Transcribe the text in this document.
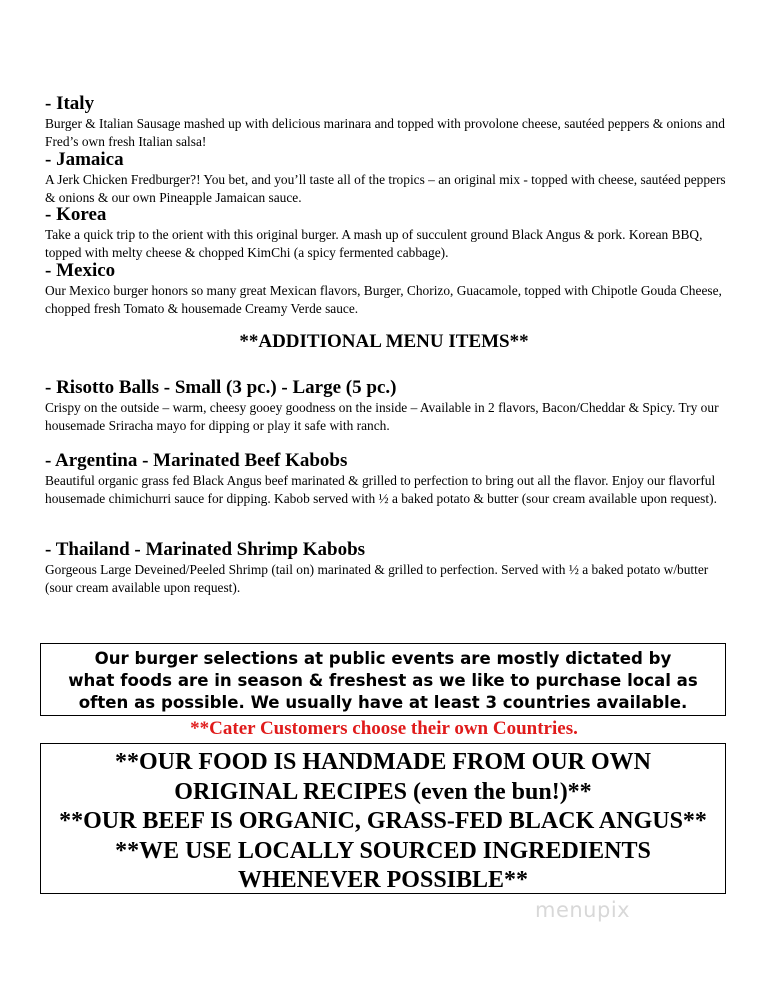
- Italy
Burger & Italian Sausage mashed up with delicious marinara and topped with provolone cheese, sautéed peppers & onions and Fred’s own fresh Italian salsa!
- Jamaica
A Jerk Chicken Fredburger?! You bet, and you’ll taste all of the tropics – an original mix - topped with cheese, sautéed peppers & onions & our own Pineapple Jamaican sauce.
- Korea
Take a quick trip to the orient with this original burger. A mash up of succulent ground Black Angus & pork. Korean BBQ, topped with melty cheese & chopped KimChi (a spicy fermented cabbage).
- Mexico
Our Mexico burger honors so many great Mexican flavors, Burger, Chorizo, Guacamole, topped with Chipotle Gouda Cheese, chopped fresh Tomato & housemade Creamy Verde sauce.
**ADDITIONAL MENU ITEMS**
- Risotto Balls - Small (3 pc.) - Large (5 pc.)
Crispy on the outside – warm, cheesy gooey goodness on the inside – Available in 2 flavors, Bacon/Cheddar & Spicy. Try our housemade Sriracha mayo for dipping or play it safe with ranch.
- Argentina - Marinated Beef Kabobs
Beautiful organic grass fed Black Angus beef marinated & grilled to perfection to bring out all the flavor. Enjoy our flavorful housemade chimichurri sauce for dipping. Kabob served with ½ a baked potato & butter (sour cream available upon request).
- Thailand - Marinated Shrimp Kabobs
Gorgeous Large Deveined/Peeled Shrimp (tail on) marinated & grilled to perfection. Served with ½ a baked potato w/butter (sour cream available upon request).
Our burger selections at public events are mostly dictated by
what foods are in season & freshest as we like to purchase local as
often as possible. We usually have at least 3 countries available.
**Cater Customers choose their own Countries.
**OUR FOOD IS HANDMADE FROM OUR OWN
ORIGINAL RECIPES (even the bun!)**
**OUR BEEF IS ORGANIC, GRASS-FED BLACK ANGUS**
**WE USE LOCALLY SOURCED INGREDIENTS
WHENEVER POSSIBLE**
menupix
